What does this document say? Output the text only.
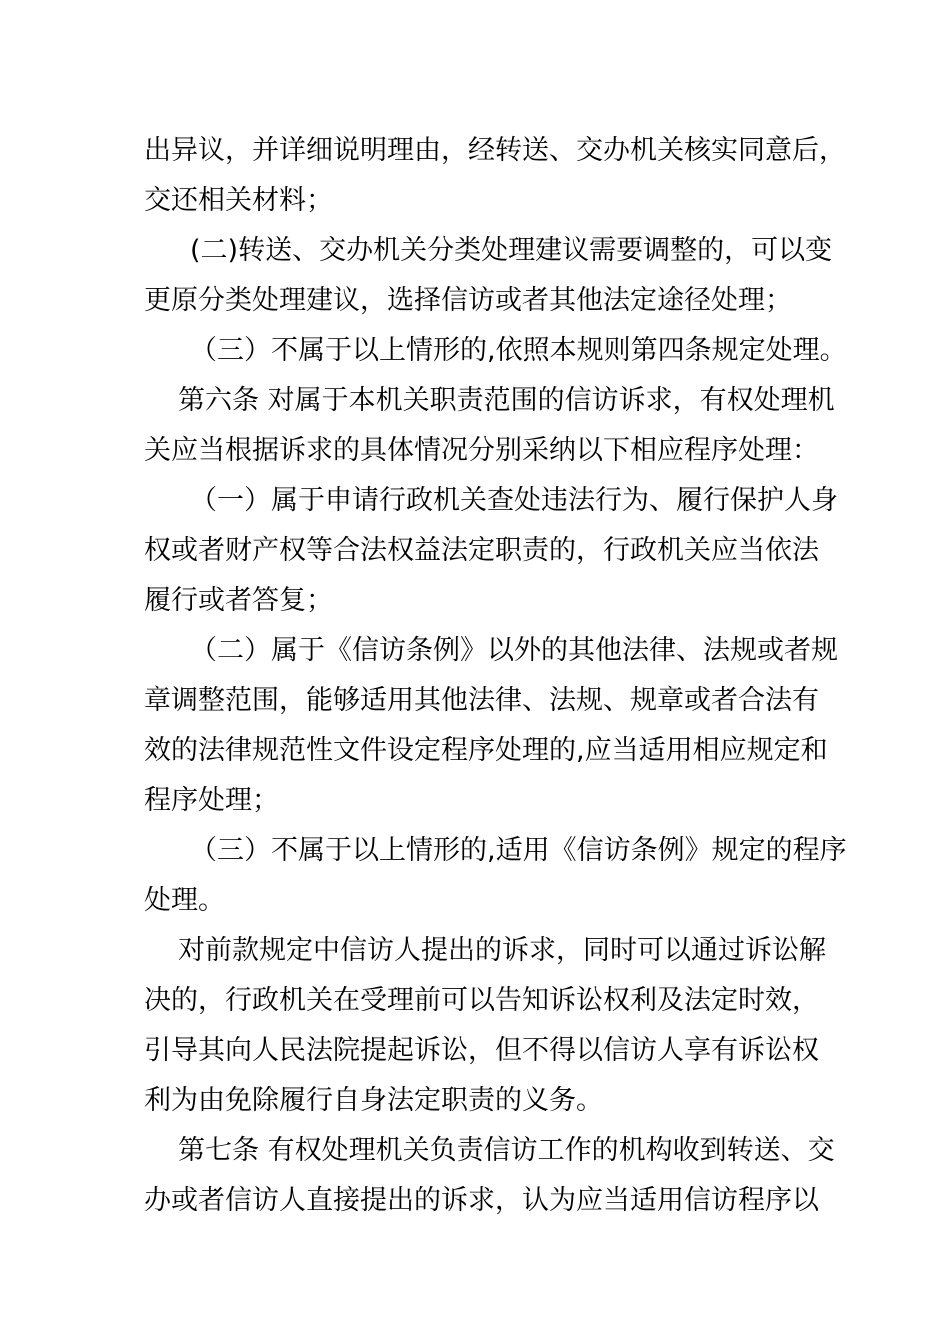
出异议，并详细说明理由，经转送、交办机关核实同意后，
交还相关材料；
(二)转送、交办机关分类处理建议需要调整的，可以变
更原分类处理建议，选择信访或者其他法定途径处理；
（三）不属于以上情形的,依照本规则第四条规定处理。
第六条 对属于本机关职责范围的信访诉求，有权处理机
关应当根据诉求的具体情况分别采纳以下相应程序处理：
（一）属于申请行政机关查处违法行为、履行保护人身
权或者财产权等合法权益法定职责的，行政机关应当依法
履行或者答复；
（二）属于《信访条例》以外的其他法律、法规或者规
章调整范围，能够适用其他法律、法规、规章或者合法有
效的法律规范性文件设定程序处理的,应当适用相应规定和
程序处理；
（三）不属于以上情形的,适用《信访条例》规定的程序
处理。
对前款规定中信访人提出的诉求，同时可以通过诉讼解
决的，行政机关在受理前可以告知诉讼权利及法定时效，
引导其向人民法院提起诉讼，但不得以信访人享有诉讼权
利为由免除履行自身法定职责的义务。
第七条 有权处理机关负责信访工作的机构收到转送、交
办或者信访人直接提出的诉求，认为应当适用信访程序以
